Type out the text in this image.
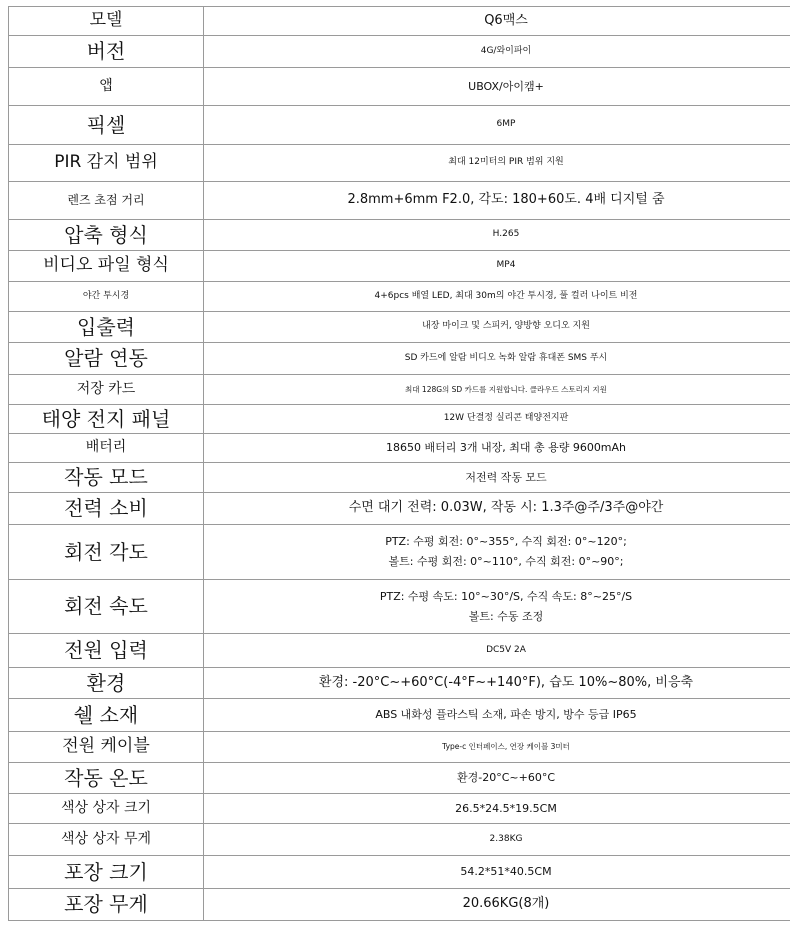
모델	Q6맥스
버전	4G/와이파이
앱	UBOX/아이캠+
픽셀	6MP
PIR 감지 범위	최대 12미터의 PIR 범위 지원
렌즈 초점 거리	2.8mm+6mm F2.0, 각도: 180+60도. 4배 디지털 줌
압축 형식	H.265
비디오 파일 형식	MP4
야간 투시경	4+6pcs 배열 LED, 최대 30m의 야간 투시경, 풀 컬러 나이트 비전
입출력	내장 마이크 및 스피커, 양방향 오디오 지원
알람 연동	SD 카드에 알람 비디오 녹화 알람 휴대폰 SMS 푸시
저장 카드	최대 128G의 SD 카드를 지원합니다. 클라우드 스토리지 지원
태양 전지 패널	12W 단결정 실리콘 태양전지판
배터리	18650 배터리 3개 내장, 최대 총 용량 9600mAh
작동 모드	저전력 작동 모드
전력 소비	수면 대기 전력: 0.03W, 작동 시: 1.3주@주/3주@야간
회전 각도	PTZ: 수평 회전: 0°~355°, 수직 회전: 0°~120°;
볼트: 수평 회전: 0°~110°, 수직 회전: 0°~90°;

회전 속도	PTZ: 수평 속도: 10°~30°/S, 수직 속도: 8°~25°/S
볼트: 수동 조정

전원 입력	DC5V 2A
환경	환경: -20°C~+60°C(-4°F~+140°F), 습도 10%~80%, 비응축
쉘 소재	ABS 내화성 플라스틱 소재, 파손 방지, 방수 등급 IP65
전원 케이블	Type-c 인터페이스, 연장 케이블 3미터
작동 온도	환경-20°C~+60°C
색상 상자 크기	26.5*24.5*19.5CM
색상 상자 무게	2.38KG
포장 크기	54.2*51*40.5CM
포장 무게	20.66KG(8개)
